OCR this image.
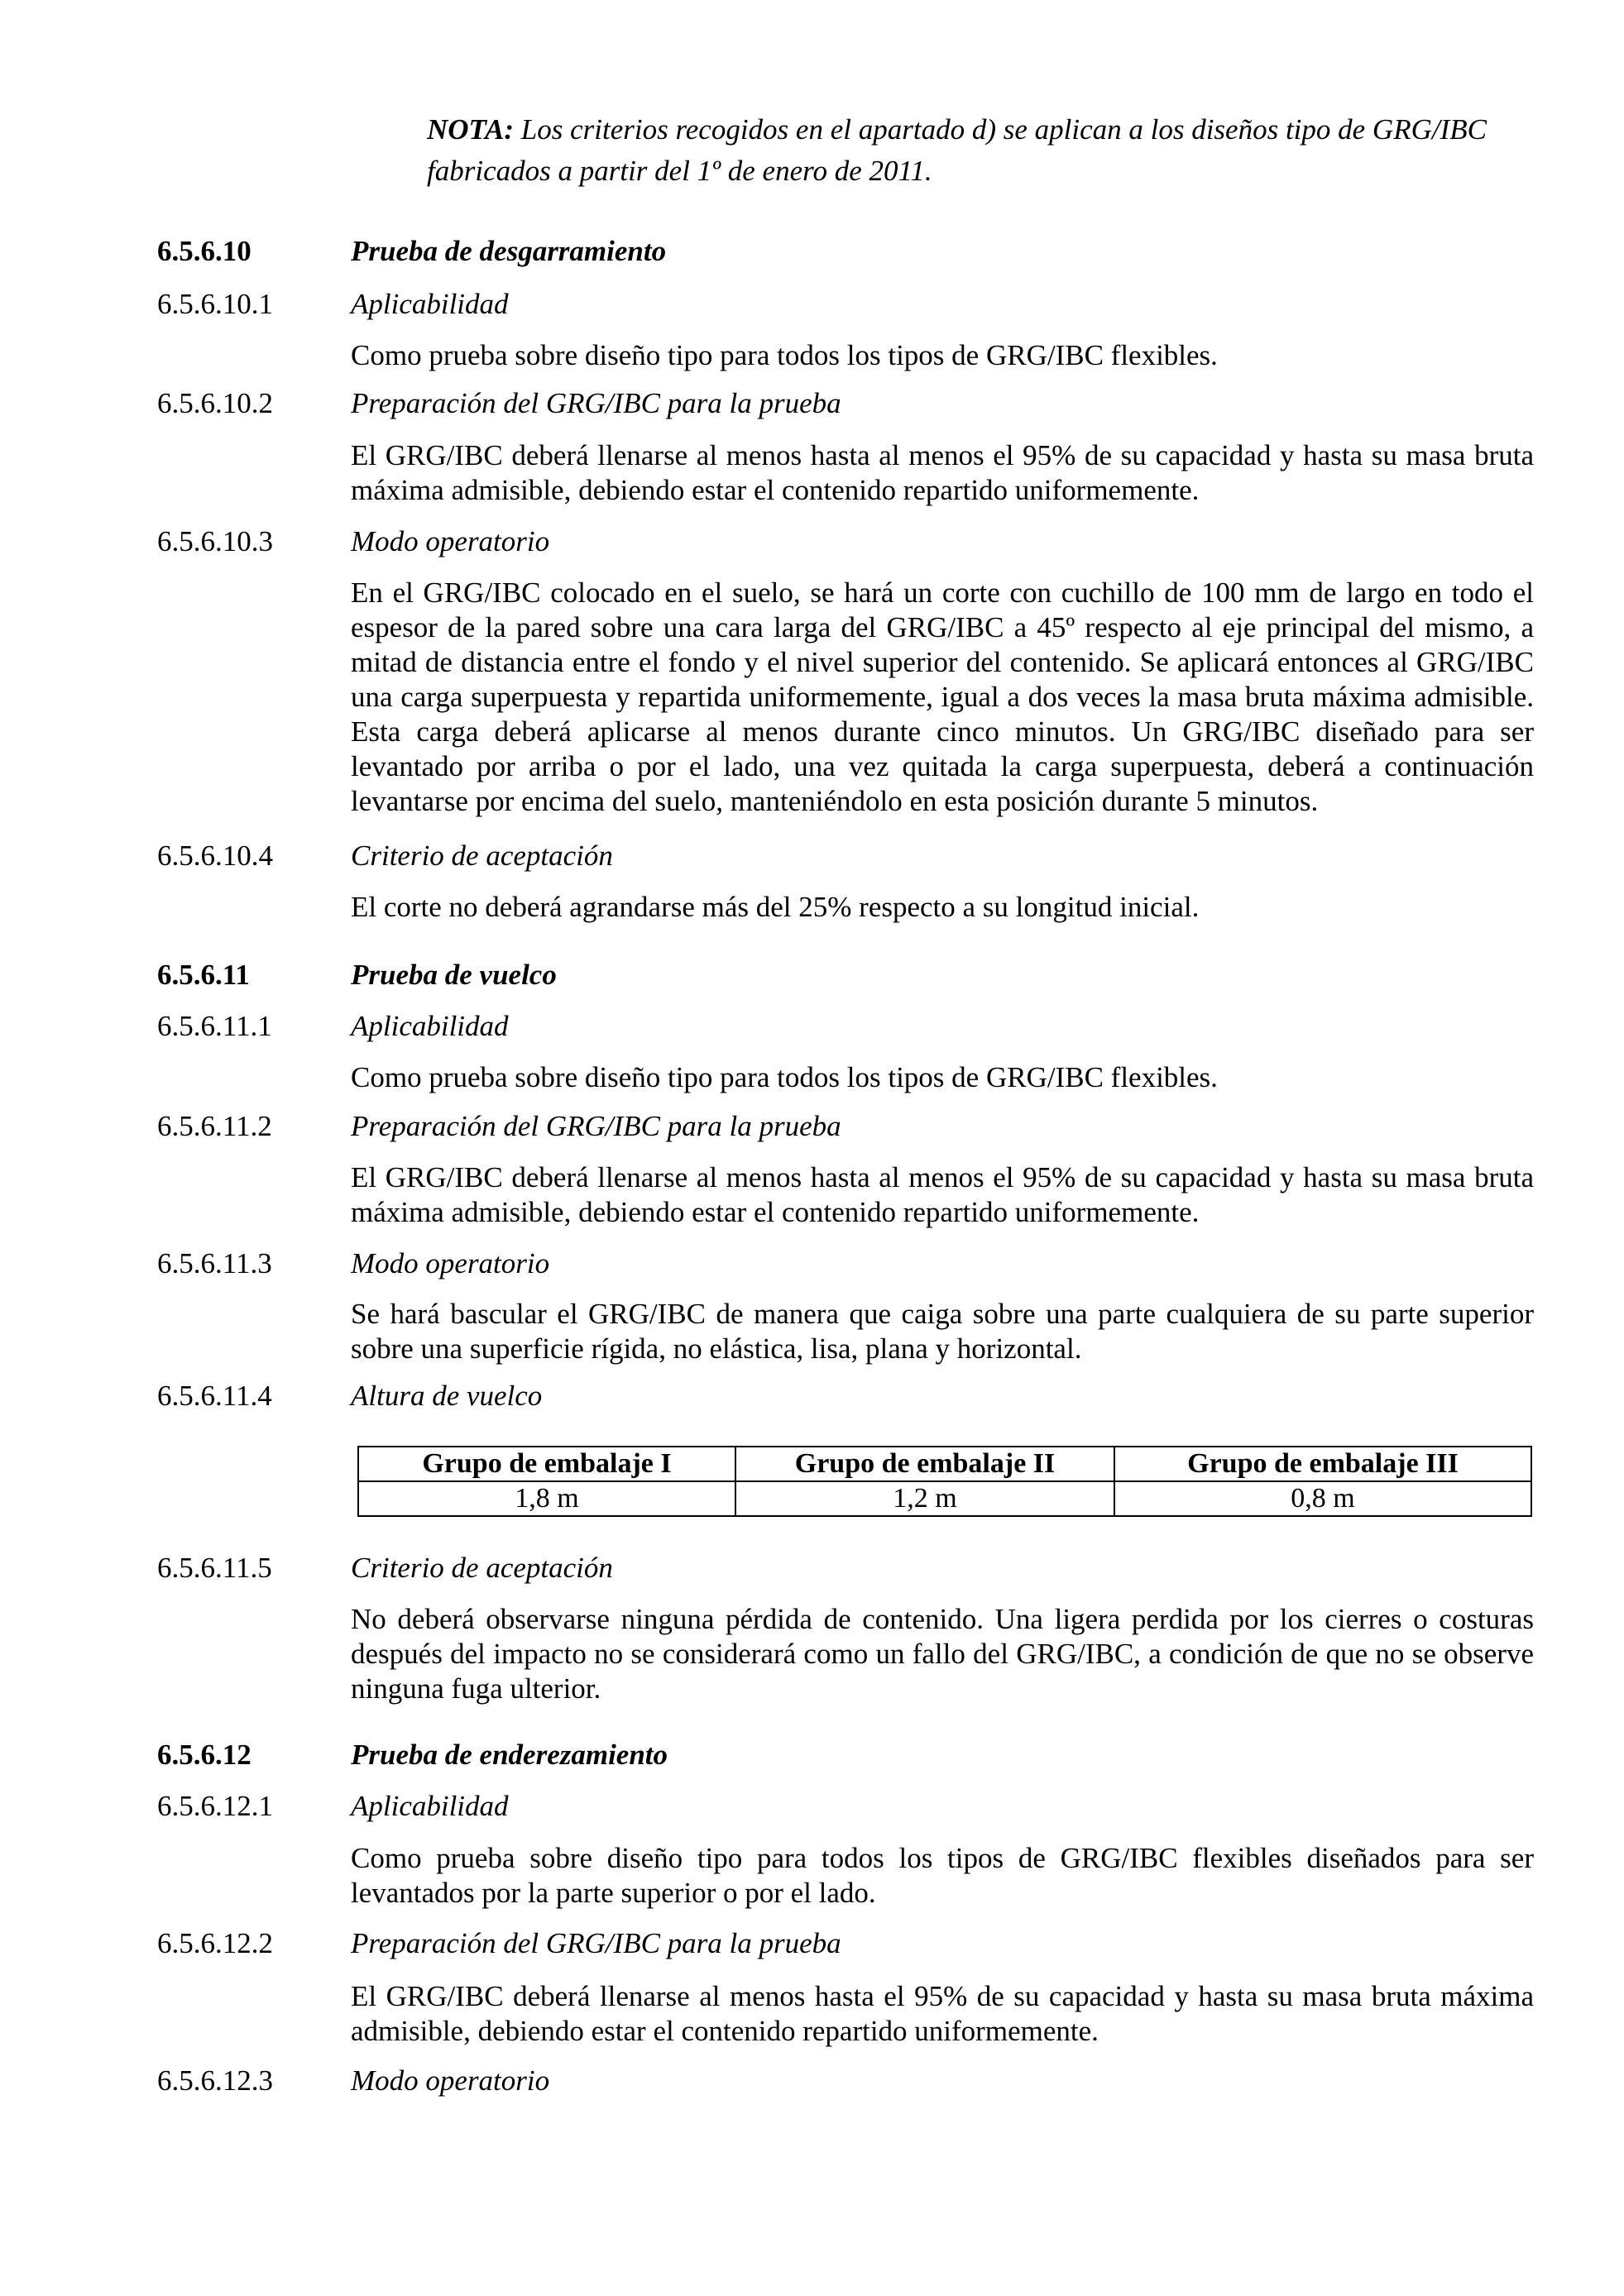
NOTA: Los criterios recogidos en el apartado d) se aplican a los diseños tipo de GRG/IBC fabricados a partir del 1º de enero de 2011.

6.5.6.10	Prueba de desgarramiento
6.5.6.10.1	Aplicabilidad

Como prueba sobre diseño tipo para todos los tipos de GRG/IBC flexibles.

6.5.6.10.2	Preparación del GRG/IBC para la prueba

El GRG/IBC deberá llenarse al menos hasta al menos el 95% de su capacidad y hasta su masa bruta máxima admisible, debiendo estar el contenido repartido uniformemente.

6.5.6.10.3	Modo operatorio

En el GRG/IBC colocado en el suelo, se hará un corte con cuchillo de 100 mm de largo en todo el espesor de la pared sobre una cara larga del GRG/IBC a 45º respecto al eje principal del mismo, a mitad de distancia entre el fondo y el nivel superior del contenido. Se aplicará entonces al GRG/IBC una carga superpuesta y repartida uniformemente, igual a dos veces la masa bruta máxima admisible. Esta carga deberá aplicarse al menos durante cinco minutos. Un GRG/IBC diseñado para ser levantado por arriba o por el lado, una vez quitada la carga superpuesta, deberá a continuación levantarse por encima del suelo, manteniéndolo en esta posición durante 5 minutos.

6.5.6.10.4	Criterio de aceptación

El corte no deberá agrandarse más del 25% respecto a su longitud inicial.

6.5.6.11	Prueba de vuelco
6.5.6.11.1	Aplicabilidad

Como prueba sobre diseño tipo para todos los tipos de GRG/IBC flexibles.

6.5.6.11.2	Preparación del GRG/IBC para la prueba

El GRG/IBC deberá llenarse al menos hasta al menos el 95% de su capacidad y hasta su masa bruta máxima admisible, debiendo estar el contenido repartido uniformemente.

6.5.6.11.3	Modo operatorio

Se hará bascular el GRG/IBC de manera que caiga sobre una parte cualquiera de su parte superior sobre una superficie rígida, no elástica, lisa, plana y horizontal.

6.5.6.11.4	Altura de vuelco
Grupo de embalaje I	Grupo de embalaje II	Grupo de embalaje III
1,8 m	1,2 m	0,8 m
6.5.6.11.5	Criterio de aceptación

No deberá observarse ninguna pérdida de contenido. Una ligera perdida por los cierres o costuras después del impacto no se considerará como un fallo del GRG/IBC, a condición de que no se observe ninguna fuga ulterior.

6.5.6.12	Prueba de enderezamiento
6.5.6.12.1	Aplicabilidad

Como prueba sobre diseño tipo para todos los tipos de GRG/IBC flexibles diseñados para ser levantados por la parte superior o por el lado.

6.5.6.12.2	Preparación del GRG/IBC para la prueba

El GRG/IBC deberá llenarse al menos hasta el 95% de su capacidad y hasta su masa bruta máxima admisible, debiendo estar el contenido repartido uniformemente.

6.5.6.12.3	Modo operatorio
